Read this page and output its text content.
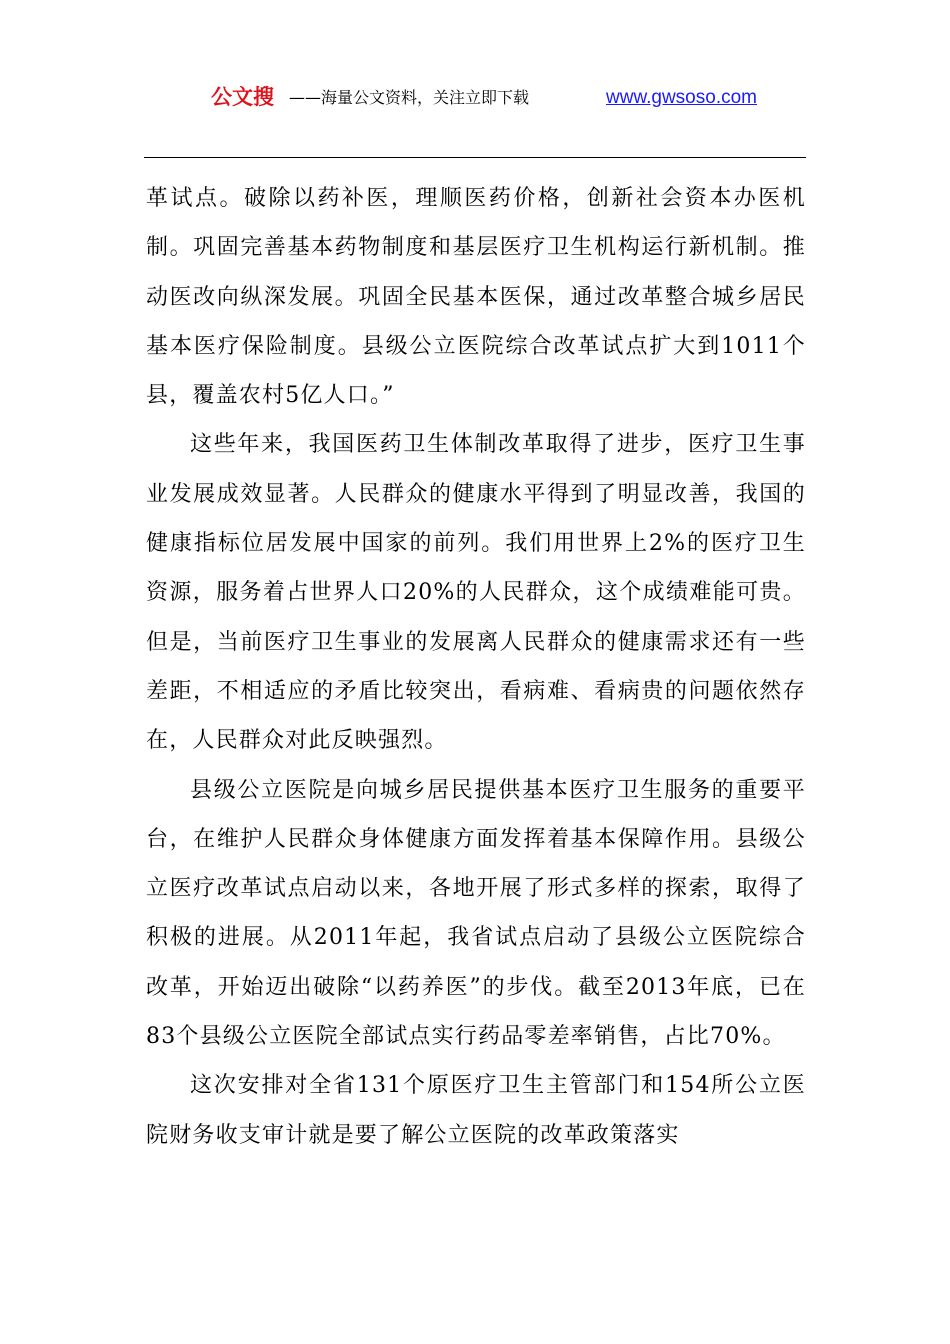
公文搜 ——海量公文资料，关注立即下载	www.gwsoso.com

革试点。破除以药补医，理顺医药价格，创新社会资本办医机制。巩固完善基本药物制度和基层医疗卫生机构运行新机制。推动医改向纵深发展。巩固全民基本医保，通过改革整合城乡居民基本医疗保险制度。县级公立医院综合改革试点扩大到1011个县，覆盖农村5亿人口。”

这些年来，我国医药卫生体制改革取得了进步，医疗卫生事业发展成效显著。人民群众的健康水平得到了明显改善，我国的健康指标位居发展中国家的前列。我们用世界上2%的医疗卫生资源，服务着占世界人口20%的人民群众，这个成绩难能可贵。但是，当前医疗卫生事业的发展离人民群众的健康需求还有一些差距，不相适应的矛盾比较突出，看病难、看病贵的问题依然存在，人民群众对此反映强烈。

县级公立医院是向城乡居民提供基本医疗卫生服务的重要平台，在维护人民群众身体健康方面发挥着基本保障作用。县级公立医疗改革试点启动以来，各地开展了形式多样的探索，取得了积极的进展。从2011年起，我省试点启动了县级公立医院综合改革，开始迈出破除“以药养医”的步伐。截至2013年底，已在83个县级公立医院全部试点实行药品零差率销售，占比70%。

这次安排对全省131个原医疗卫生主管部门和154所公立医院财务收支审计就是要了解公立医院的改革政策落实
